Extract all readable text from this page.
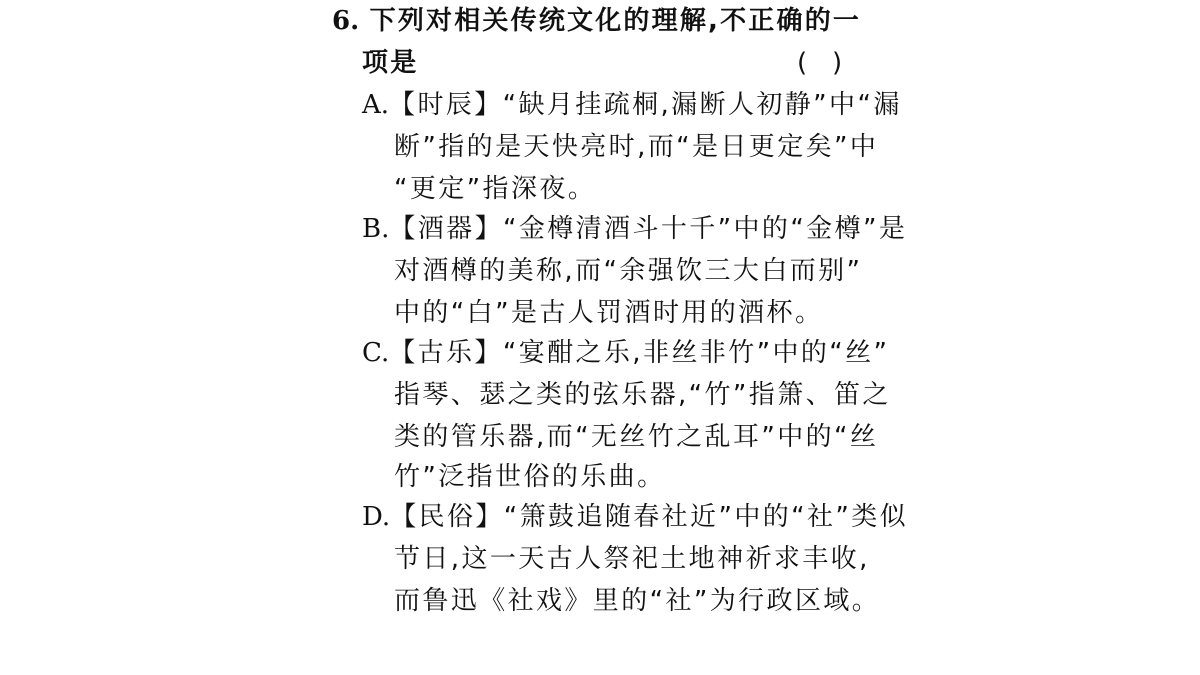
6. 下列对相关传统文化的理解,不正确的一
项是	(   )
A.【时辰】“缺月挂疏桐,漏断人初静”中“漏
断”指的是天快亮时,而“是日更定矣”中
“更定”指深夜。
B.【酒器】“金樽清酒斗十千”中的“金樽”是
对酒樽的美称,而“余强饮三大白而别”
中的“白”是古人罚酒时用的酒杯。
C.【古乐】“宴酣之乐,非丝非竹”中的“丝”
指琴、瑟之类的弦乐器,“竹”指箫、笛之
类的管乐器,而“无丝竹之乱耳”中的“丝
竹”泛指世俗的乐曲。
D.【民俗】“箫鼓追随春社近”中的“社”类似
节日,这一天古人祭祀土地神祈求丰收,
而鲁迅《社戏》里的“社”为行政区域。
